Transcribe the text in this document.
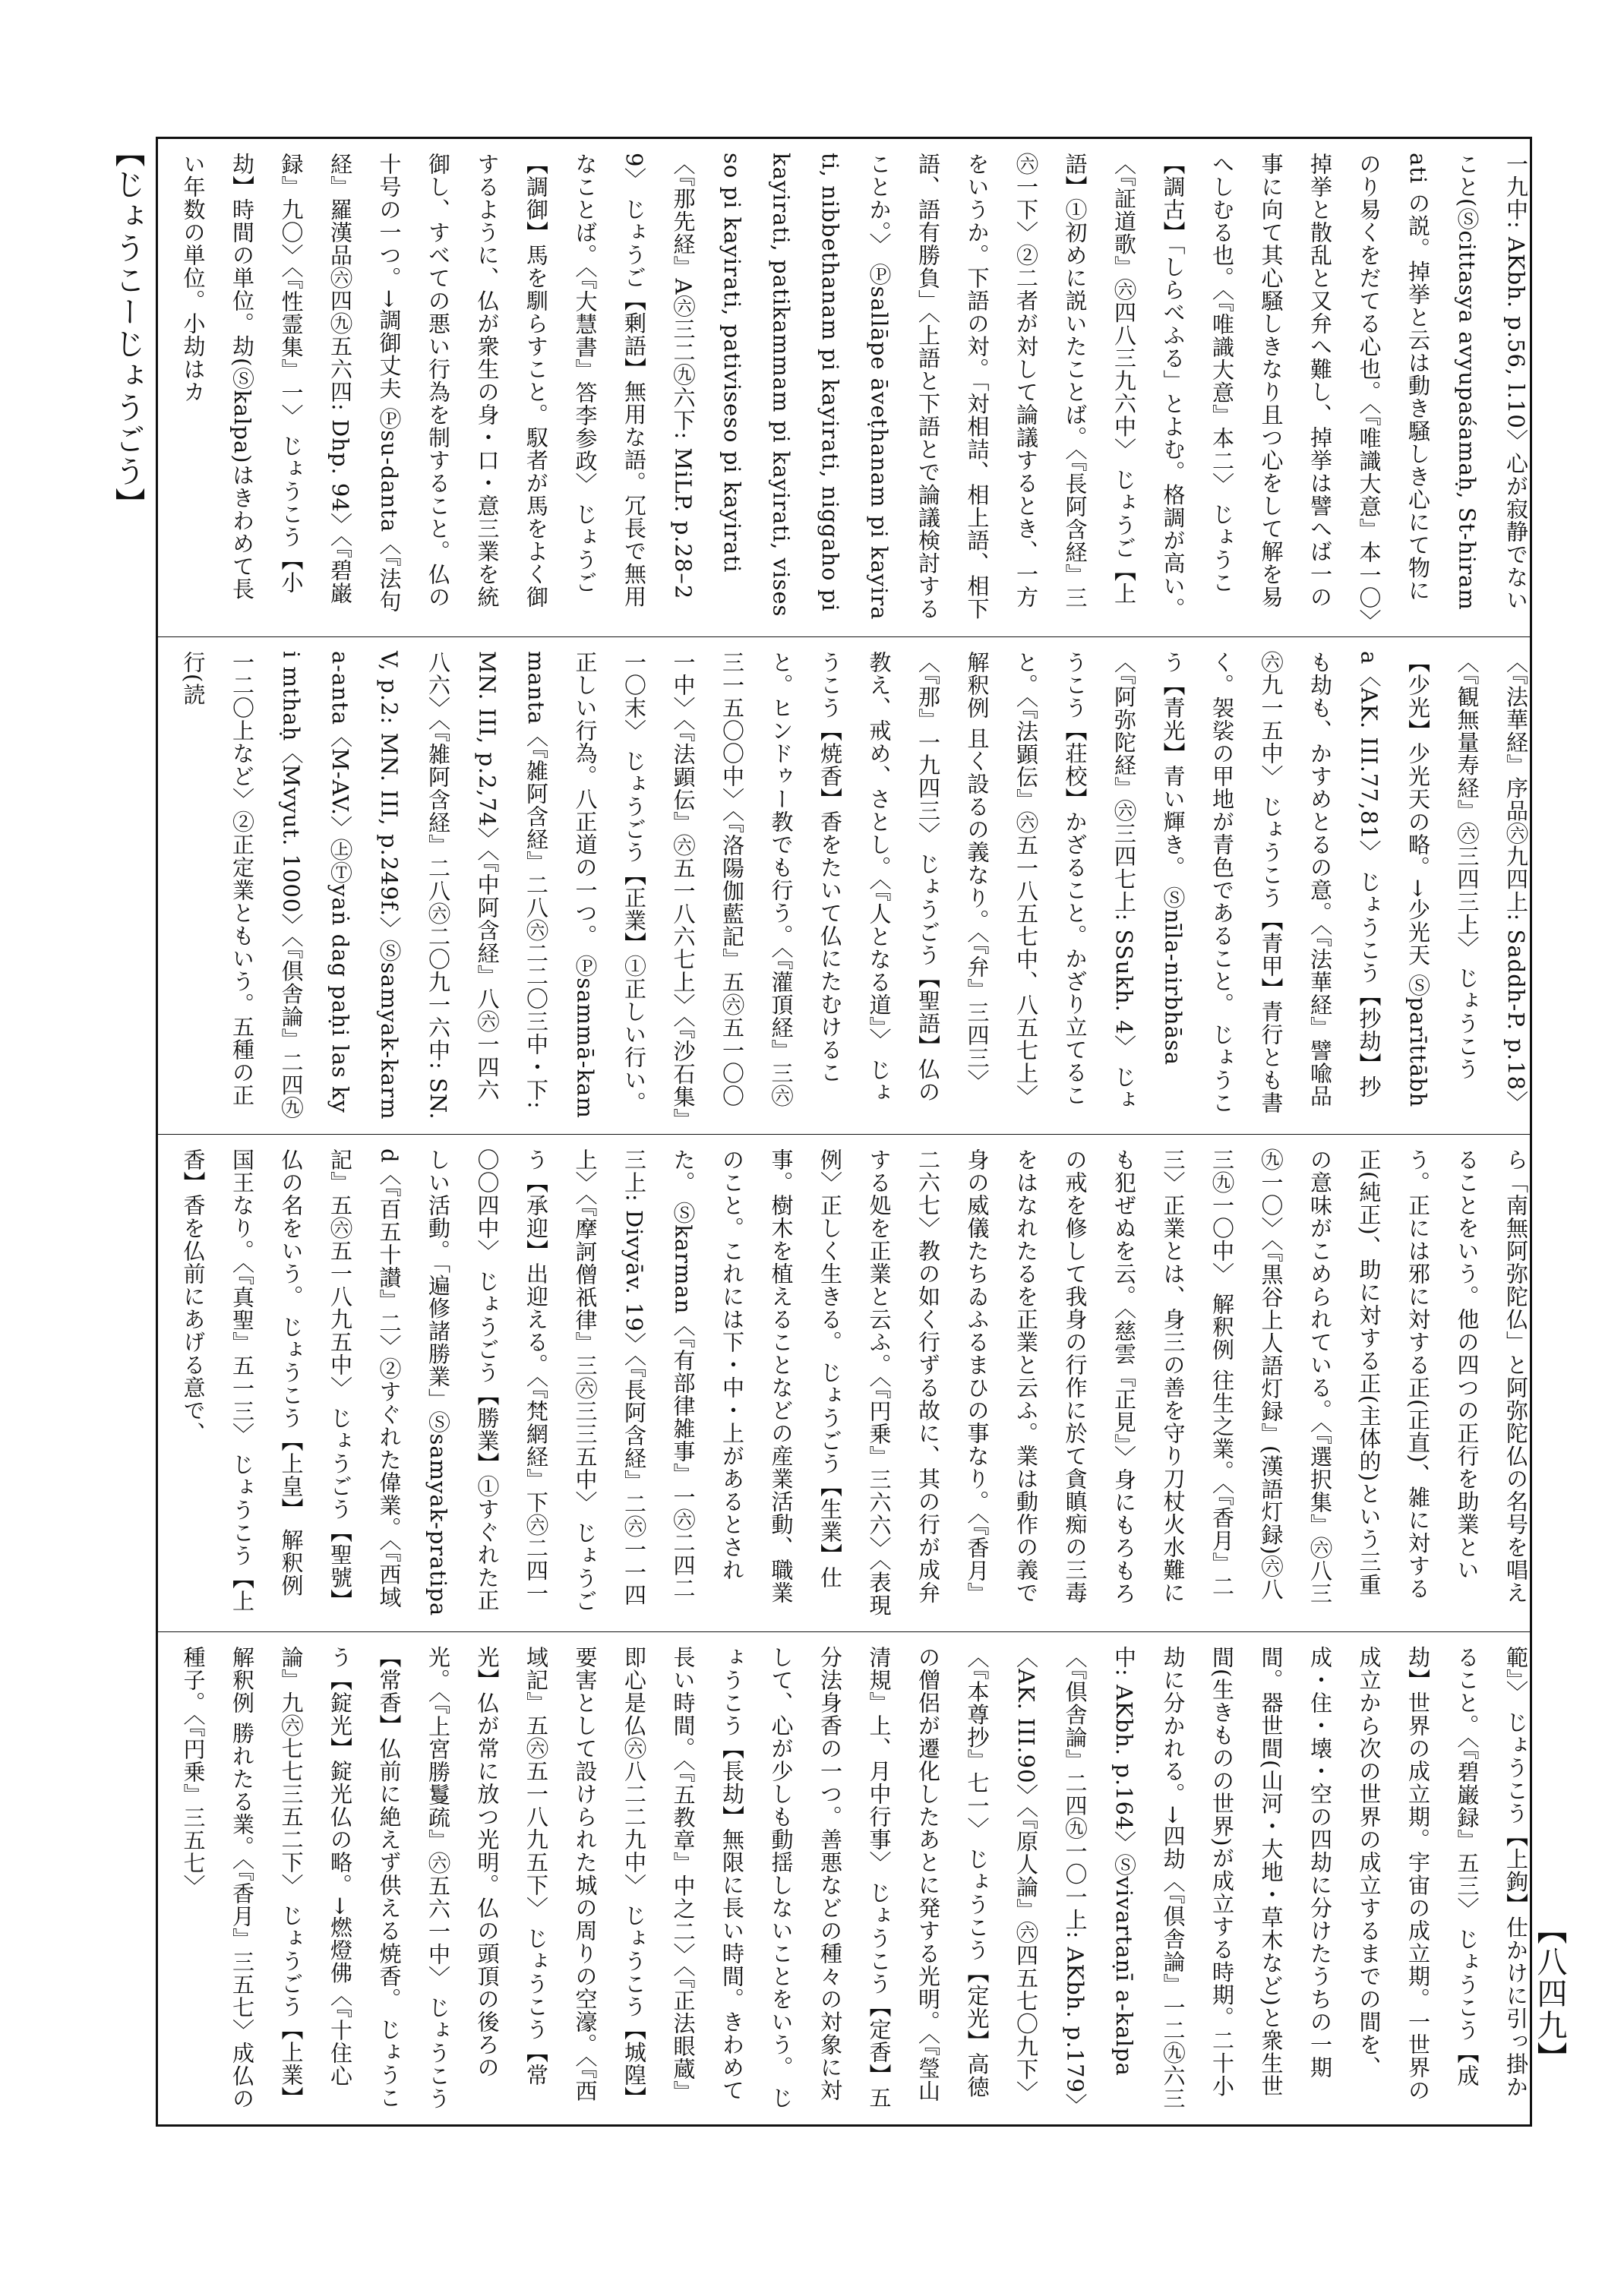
【じょうこーじょうごう】
【八四九】
一九中: AKbh. p.56, l.10〉心が寂静でないこと(Ⓢcittasya avyupaśamaḥ, St-hiramati の説。掉挙と云は動き騒しき心にて物にのり易くをだてる心也。〈『唯識大意』本一〇〉掉挙と散乱と又弁へ難し、掉挙は譬へば一の事に向て其心騒しきなり且つ心をして解を易へしむる也。〈『唯識大意』本二〉 じょうこ【調古】「しらべふる」とよむ。格調が高い。〈『証道歌』㊅四八三九六中〉 じょうご【上語】①初めに説いたことば。〈『長阿含経』三㊅一下〉②二者が対して論議するとき、一方をいうか。下語の対。「対相詰、相上語、相下語、語有勝負」〈上語と下語とで論議検討することか。〉 Ⓟsallāpe āveṭhanam pi kayirati, nibbethanam pi kayirati, niggaho pi kayirati, patikammam pi kayirati, visesso pi kayirati, pativiseso pi kayirati〈『那先経』A㊅三二㊈六下: MiLP. p.28–29〉 じょうご【剰語】無用な語。冗長で無用なことば。〈『大慧書』答李参政〉 じょうご【調御】馬を馴らすこと。馭者が馬をよく御するように、仏が衆生の身・口・意三業を統御し、すべての悪い行為を制すること。仏の十号の一つ。→調御丈夫 Ⓟsu-danta〈『法句経』羅漢品㊅四㊈五六四: Dhp. 94〉〈『碧巌録』九〇〉〈『性霊集』一〉 じょうこう【小劫】時間の単位。劫(Ⓢkalpa)はきわめて長い年数の単位。小劫はカ
〈『法華経』序品㊅九四上: Saddh-P. p.18〉〈『観無量寿経』㊅三四三上〉 じょうこう【少光】少光天の略。→少光天 Ⓢparīttābha〈AK. III.77,81〉 じょうこう【抄劫】抄も劫も、かすめとるの意。〈『法華経』譬喩品㊅九一五中〉 じょうこう【青甲】青行とも書く。袈裟の甲地が青色であること。 じょうこう【青光】青い輝き。 Ⓢnīla-nirbhāsa〈『阿弥陀経』㊅三四七上: SSukh. 4〉 じょうこう【荘校】かざること。かざり立てること。〈『法顕伝』㊅五一八五七中、八五七上〉 解釈例 且く設るの義なり。〈『弁』三四三〉〈『那』一九四三〉 じょうごう【聖語】仏の教え、戒め、さとし。〈『人となる道』〉 じょうこう【焼香】香をたいて仏にたむけること。ヒンドゥー教でも行う。〈『灌頂経』三㊅三一五〇〇中〉〈『洛陽伽藍記』五㊅五一〇〇一中〉〈『法顕伝』㊅五一八六七上〉〈『沙石集』一〇末〉 じょうごう【正業】①正しい行い。正しい行為。八正道の一つ。 Ⓟsammā-kammanta〈『雑阿含経』二八㊅二二〇三中・下: MN. III, p.2,74〉〈『中阿含経』八㊅一四六八六〉〈『雑阿含経』二八㊅二〇九一六中: SN. V, p.2: MN. III, p.249f.〉Ⓢsamyak-karma-anta〈M-AV.〉㊤Ⓣyaṅ dag paḥi las kyi mthaḥ〈Mvyut. 1000〉〈『倶舎論』二四㊈一二〇上など〉②正定業ともいう。五種の正行(読
ら「南無阿弥陀仏」と阿弥陀仏の名号を唱えることをいう。他の四つの正行を助業という。正には邪に対する正(正直)、雑に対する正(純正)、助に対する正(主体的)という三重の意味がこめられている。〈『選択集』㊅八三㊈一〇〉〈『黒谷上人語灯録』(漢語灯録)㊅八三㊈一〇中〉 解釈例 往生之業。〈『香月』二三〉正業とは、身三の善を守り刀杖火水難にも犯ぜぬを云。〈慈雲『正見』〉身にもろもろの戒を修して我身の行作に於て貪瞋痴の三毒をはなれたるを正業と云ふ。業は動作の義で身の威儀たちゐふるまひの事なり。〈『香月』二六七〉教の如く行ずる故に、其の行が成弁する処を正業と云ふ。〈『円乗』三六六〉〈表現例〉正しく生きる。 じょうごう【生業】仕事。樹木を植えることなどの産業活動、職業のこと。これには下・中・上があるとされた。 Ⓢkarman〈『有部律雑事』一㊅二四二三上: Divyāv. 19〉〈『長阿含経』二㊅一一四上〉〈『摩訶僧祇律』三㊅三三五中〉 じょうごう【承迎】出迎える。〈『梵網経』下㊅二四一〇〇四中〉 じょうごう【勝業】①すぐれた正しい活動。「遍修諸勝業」Ⓢsamyak-pratipad〈『百五十讃』二〉②すぐれた偉業。〈『西域記』五㊅五一八九五中〉 じょうごう【聖號】仏の名をいう。 じょうこう【上皇】 解釈例 国王なり。〈『真聖』五一三〉 じょうこう【上香】香を仏前にあげる意で、
範』〉 じょうこう【上鉤】仕かけに引っ掛かること。〈『碧巌録』五三〉 じょうこう【成劫】世界の成立期。宇宙の成立期。一世界の成立から次の世界の成立するまでの間を、成・住・壊・空の四劫に分けたうちの一期間。器世間(山河・大地・草木など)と衆生世間(生きものの世界)が成立する時期。二十小劫に分かれる。→四劫〈『倶舎論』一二㊈六三中: AKbh. p.164〉Ⓢvivartaṇī a-kalpa〈『倶舎論』二四㊈一〇一上: AKbh. p.179〉〈AK. III.90〉〈『原人論』㊅四五七〇九下〉〈『本尊抄』七一〉 じょうこう【定光】高徳の僧侶が遷化したあとに発する光明。〈『瑩山清規』上、月中行事〉 じょうこう【定香】五分法身香の一つ。善悪などの種々の対象に対して、心が少しも動揺しないことをいう。 じょうこう【長劫】無限に長い時間。きわめて長い時間。〈『五教章』中之二〉〈『正法眼蔵』即心是仏㊅八二二九中〉 じょうこう【城隍】要害として設けられた城の周りの空濠。〈『西域記』五㊅五一八九五下〉 じょうこう【常光】仏が常に放つ光明。仏の頭頂の後ろの光。〈『上宮勝鬘疏』㊅五六一中〉 じょうこう【常香】仏前に絶えず供える焼香。 じょうこう【錠光】錠光仏の略。→燃燈佛〈『十住心論』九㊅七七三五二下〉 じょうごう【上業】 解釈例 勝れたる業。〈『香月』三五七〉成仏の種子。〈『円乗』三五七〉
